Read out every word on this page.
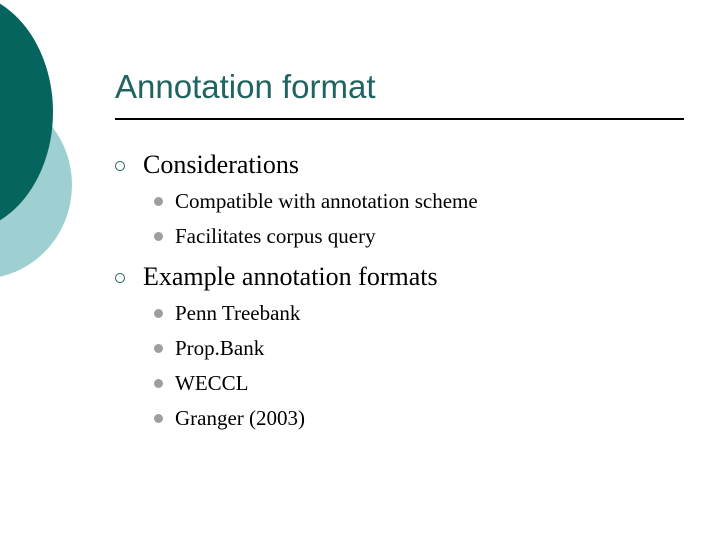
Annotation format
Considerations
Compatible with annotation scheme
Facilitates corpus query
Example annotation formats
Penn Treebank
Prop.Bank
WECCL
Granger (2003)
